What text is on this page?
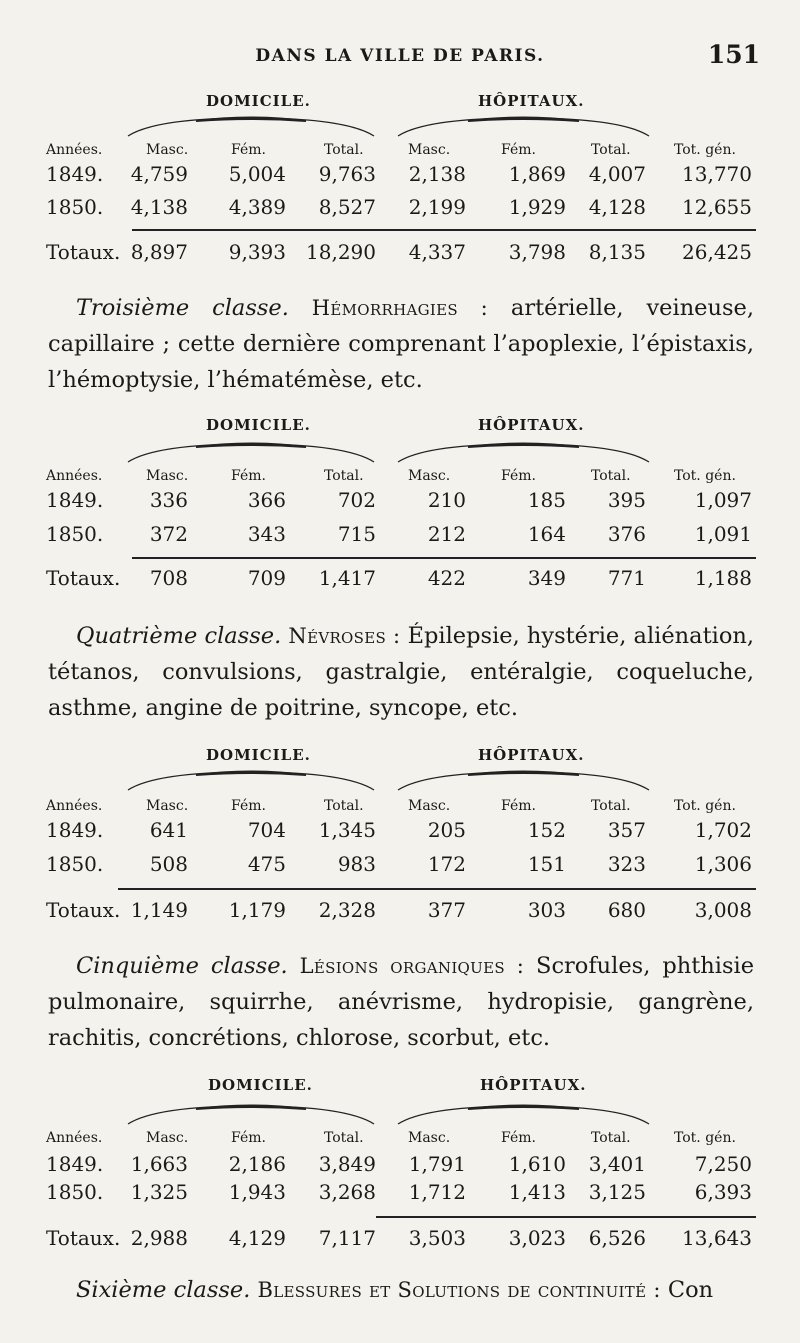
DANS LA VILLE DE PARIS.	151
DOMICILE.	HÔPITAUX.
Années.	Masc.	Fém.	Total.	Masc.	Fém.	Total.	Tot. gén.
1849. 4,759 5,004 9,763 2,138 1,869 4,007 13,770
1850. 4,138 4,389 8,527 2,199 1,929 4,128 12,655
Totaux. 8,897 9,393 18,290 4,337 3,798 8,135 26,425
Troisième classe. Hémorrhagies : artérielle, veineuse, capillaire ; cette dernière comprenant l’apoplexie, l’épistaxis, l’hémoptysie, l’hématémèse, etc.
DOMICILE.	HÔPITAUX.
Années.	Masc.	Fém.	Total.	Masc.	Fém.	Total.	Tot. gén.
1849. 336	366	702	210	185 395 1,097
1850. 372	343	715	212	164 376 1,091
Totaux. 708	709 1,417	422	349 771 1,188
Quatrième classe. Névroses : Épilepsie, hystérie, aliénation, tétanos, convulsions, gastralgie, entéralgie, coqueluche, asthme, angine de poitrine, syncope, etc.
DOMICILE.	HÔPITAUX.
Années.	Masc.	Fém.	Total.	Masc.	Fém.	Total.	Tot. gén.
1849. 641	704 1,345	205	152 357 1,702
1850. 508	475	983	172	151 323 1,306
Totaux. 1,149 1,179 2,328	377	303 680 3,008
Cinquième classe. Lésions organiques : Scrofules, phthisie pulmonaire, squirrhe, anévrisme, hydropisie, gangrène, rachitis, concrétions, chlorose, scorbut, etc.
DOMICILE.	HÔPITAUX.
Années.	Masc.	Fém.	Total.	Masc.	Fém.	Total.	Tot. gén.
1849. 1,663 2,186 3,849 1,791 1,610 3,401 7,250
1850. 1,325 1,943 3,268 1,712 1,413 3,125 6,393
Totaux. 2,988 4,129 7,117 3,503 3,023 6,526 13,643
Sixième classe. Blessures et Solutions de continuité : Con
